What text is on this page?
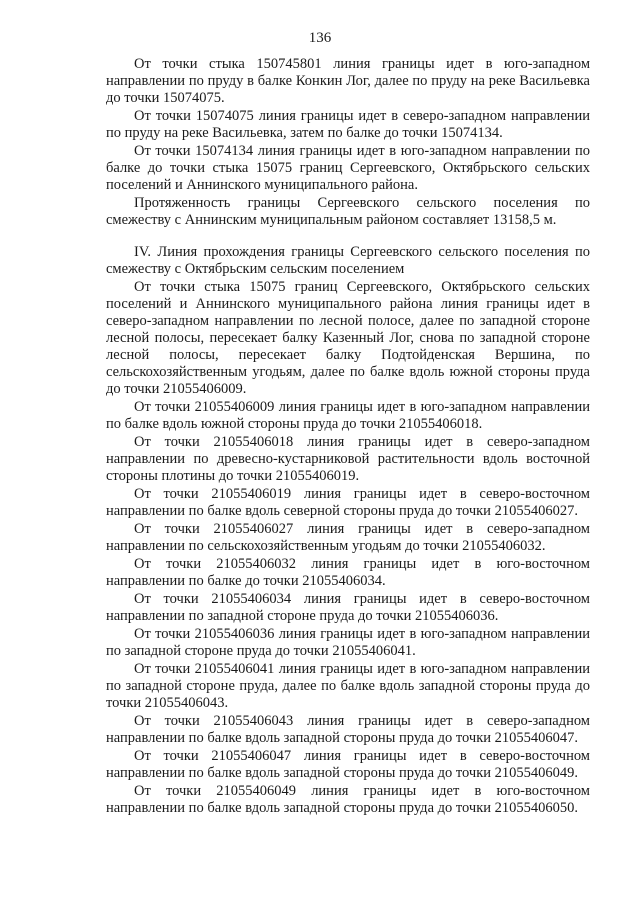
136

От точки стыка 150745801 линия границы идет в юго-западном направлении по пруду в балке Конкин Лог, далее по пруду на реке Васильевка до точки 15074075.

От точки 15074075 линия границы идет в северо-западном направлении по пруду на реке Васильевка, затем по балке до точки 15074134.

От точки 15074134 линия границы идет в юго-западном направлении по балке до точки стыка 15075 границ Сергеевского, Октябрьского сельских поселений и Аннинского муниципального района.

Протяженность границы Сергеевского сельского поселения по смежеству с Аннинским муниципальным районом составляет 13158,5 м.

IV. Линия прохождения границы Сергеевского сельского поселения по смежеству с Октябрьским сельским поселением

От точки стыка 15075 границ Сергеевского, Октябрьского сельских поселений и Аннинского муниципального района линия границы идет в северо-западном направлении по лесной полосе, далее по западной стороне лесной полосы, пересекает балку Казенный Лог, снова по западной стороне лесной полосы, пересекает балку Подтойденская Вершина, по сельскохозяйственным угодьям, далее по балке вдоль южной стороны пруда до точки 21055406009.

От точки 21055406009 линия границы идет в юго-западном направлении по балке вдоль южной стороны пруда до точки 21055406018.

От точки 21055406018 линия границы идет в северо-западном направлении по древесно-кустарниковой растительности вдоль восточной стороны плотины до точки 21055406019.

От точки 21055406019 линия границы идет в северо-восточном направлении по балке вдоль северной стороны пруда до точки 21055406027.

От точки 21055406027 линия границы идет в северо-западном направлении по сельскохозяйственным угодьям до точки 21055406032.

От точки 21055406032 линия границы идет в юго-восточном направлении по балке до точки 21055406034.

От точки 21055406034 линия границы идет в северо-восточном направлении по западной стороне пруда до точки 21055406036.

От точки 21055406036 линия границы идет в юго-западном направлении по западной стороне пруда до точки 21055406041.

От точки 21055406041 линия границы идет в юго-западном направлении по западной стороне пруда, далее по балке вдоль западной стороны пруда до точки 21055406043.

От точки 21055406043 линия границы идет в северо-западном направлении по балке вдоль западной стороны пруда до точки 21055406047.

От точки 21055406047 линия границы идет в северо-восточном направлении по балке вдоль западной стороны пруда до точки 21055406049.

От точки 21055406049 линия границы идет в юго-восточном направлении по балке вдоль западной стороны пруда до точки 21055406050.
